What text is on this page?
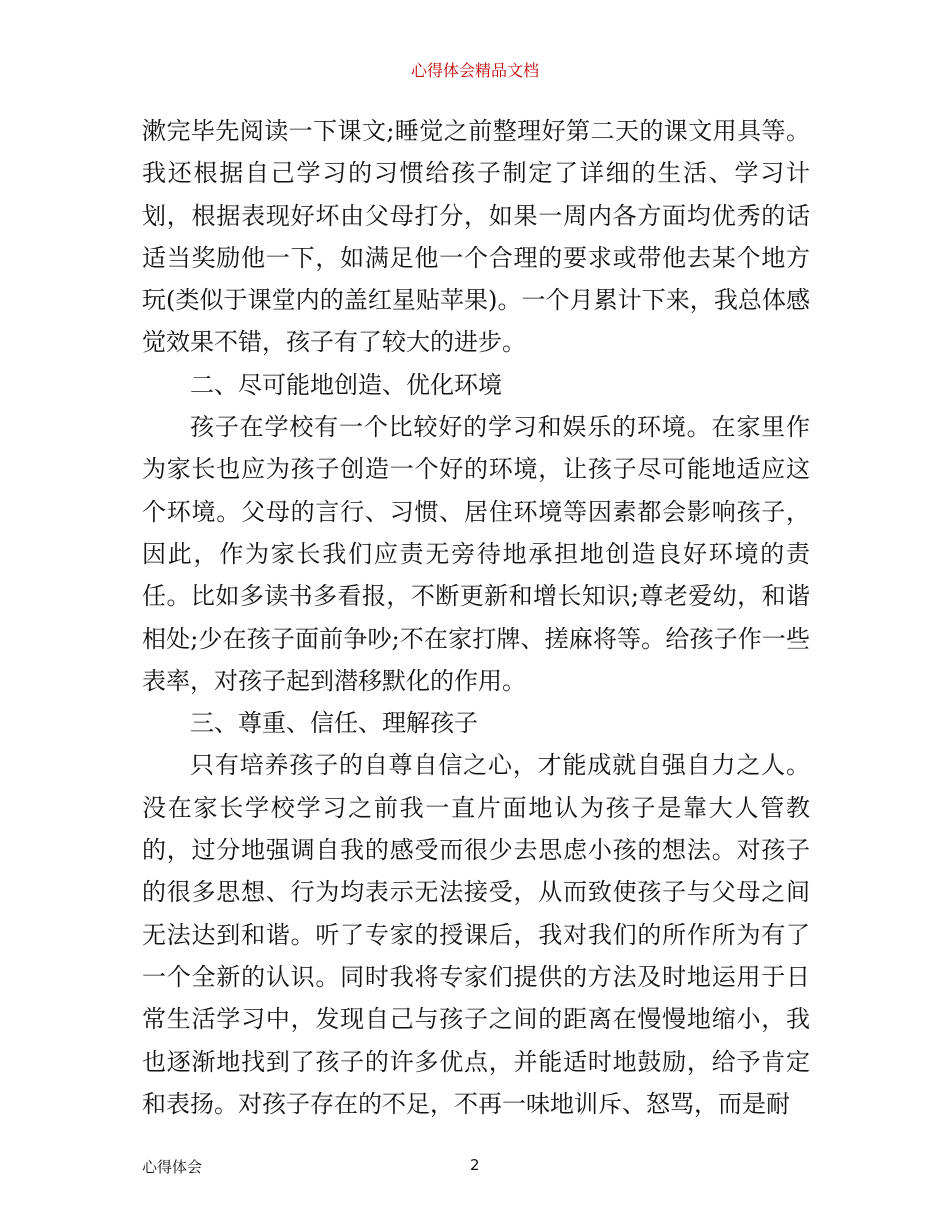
心得体会精品文档

漱完毕先阅读一下课文;睡觉之前整理好第二天的课文用具等。我还根据自己学习的习惯给孩子制定了详细的生活、学习计划，根据表现好坏由父母打分，如果一周内各方面均优秀的话适当奖励他一下，如满足他一个合理的要求或带他去某个地方玩(类似于课堂内的盖红星贴苹果)。一个月累计下来，我总体感觉效果不错，孩子有了较大的进步。

二、尽可能地创造、优化环境

孩子在学校有一个比较好的学习和娱乐的环境。在家里作为家长也应为孩子创造一个好的环境，让孩子尽可能地适应这个环境。父母的言行、习惯、居住环境等因素都会影响孩子，因此，作为家长我们应责无旁待地承担地创造良好环境的责任。比如多读书多看报，不断更新和增长知识;尊老爱幼，和谐相处;少在孩子面前争吵;不在家打牌、搓麻将等。给孩子作一些表率，对孩子起到潜移默化的作用。

三、尊重、信任、理解孩子

只有培养孩子的自尊自信之心，才能成就自强自力之人。没在家长学校学习之前我一直片面地认为孩子是靠大人管教的，过分地强调自我的感受而很少去思虑小孩的想法。对孩子的很多思想、行为均表示无法接受，从而致使孩子与父母之间无法达到和谐。听了专家的授课后，我对我们的所作所为有了一个全新的认识。同时我将专家们提供的方法及时地运用于日常生活学习中，发现自己与孩子之间的距离在慢慢地缩小，我也逐渐地找到了孩子的许多优点，并能适时地鼓励，给予肯定和表扬。对孩子存在的不足，不再一味地训斥、怒骂，而是耐

心得体会	2
